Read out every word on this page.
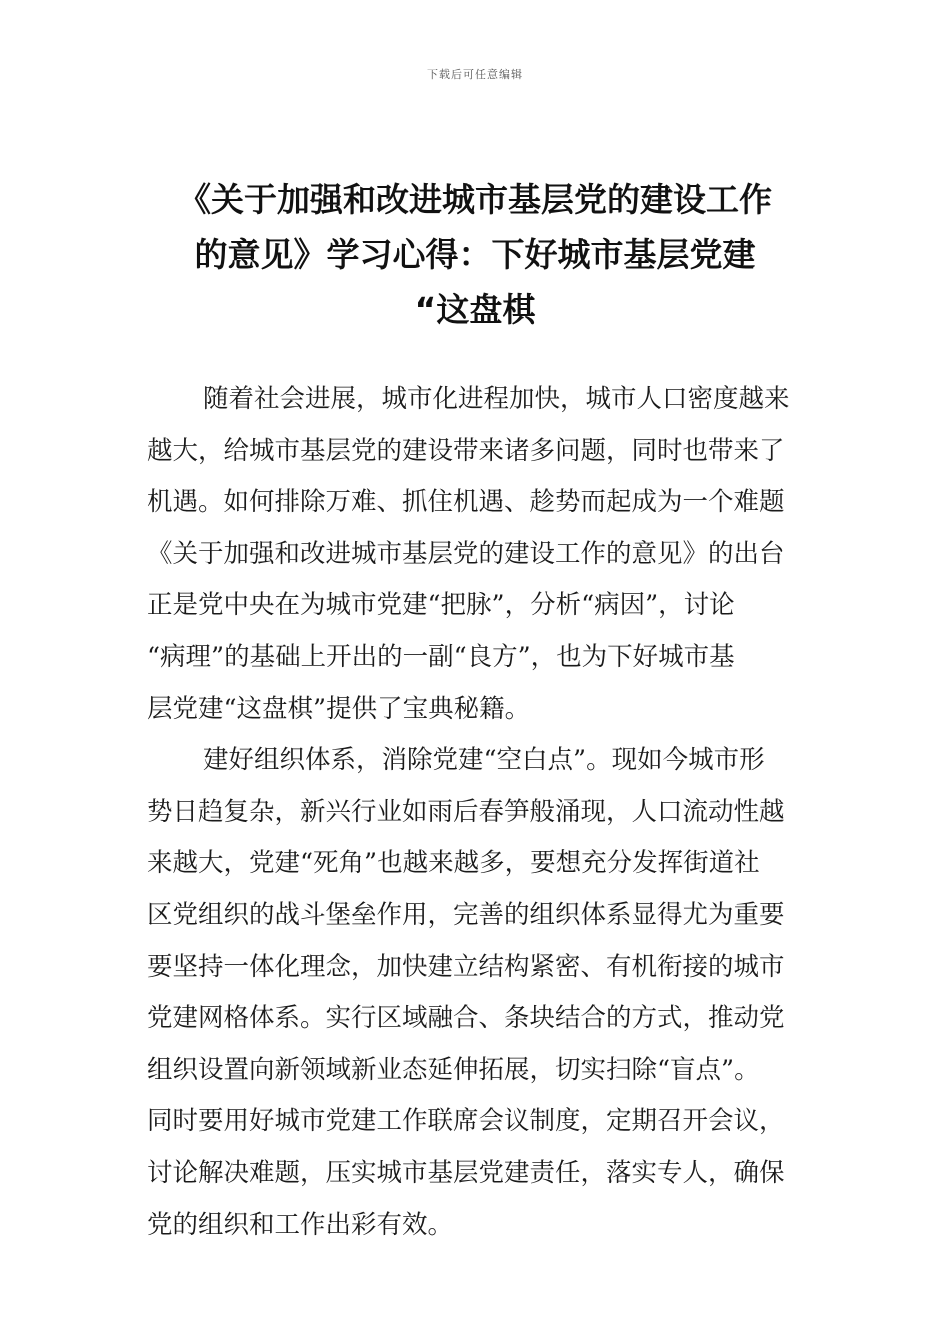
下载后可任意编辑
《关于加强和改进城市基层党的建设工作
的意见》学习心得：下好城市基层党建
“这盘棋
随着社会进展，城市化进程加快，城市人口密度越来
越大，给城市基层党的建设带来诸多问题，同时也带来了
机遇。如何排除万难、抓住机遇、趁势而起成为一个难题
《关于加强和改进城市基层党的建设工作的意见》的出台
正是党中央在为城市党建“把脉”，分析“病因”，讨论
“病理”的基础上开出的一副“良方”，也为下好城市基
层党建“这盘棋”提供了宝典秘籍。
建好组织体系，消除党建“空白点”。现如今城市形
势日趋复杂，新兴行业如雨后春笋般涌现，人口流动性越
来越大，党建“死角”也越来越多，要想充分发挥街道社
区党组织的战斗堡垒作用，完善的组织体系显得尤为重要
要坚持一体化理念，加快建立结构紧密、有机衔接的城市
党建网格体系。实行区域融合、条块结合的方式，推动党
组织设置向新领域新业态延伸拓展，切实扫除“盲点”。
同时要用好城市党建工作联席会议制度，定期召开会议，
讨论解决难题，压实城市基层党建责任，落实专人，确保
党的组织和工作出彩有效。
